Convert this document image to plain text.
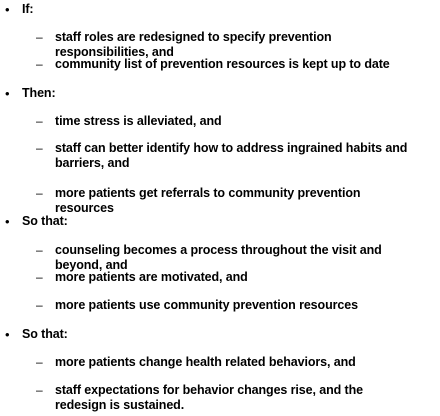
• If:
– staff roles are redesigned to specify prevention responsibilities, and
– community list of prevention resources is kept up to date
• Then:
– time stress is alleviated, and
– staff can better identify how to address ingrained habits and barriers, and
– more patients get referrals to community prevention resources
• So that:
– counseling becomes a process throughout the visit and beyond, and
– more patients are motivated, and
– more patients use community prevention resources
• So that:
– more patients change health related behaviors, and
– staff expectations for behavior changes rise, and the redesign is sustained.
